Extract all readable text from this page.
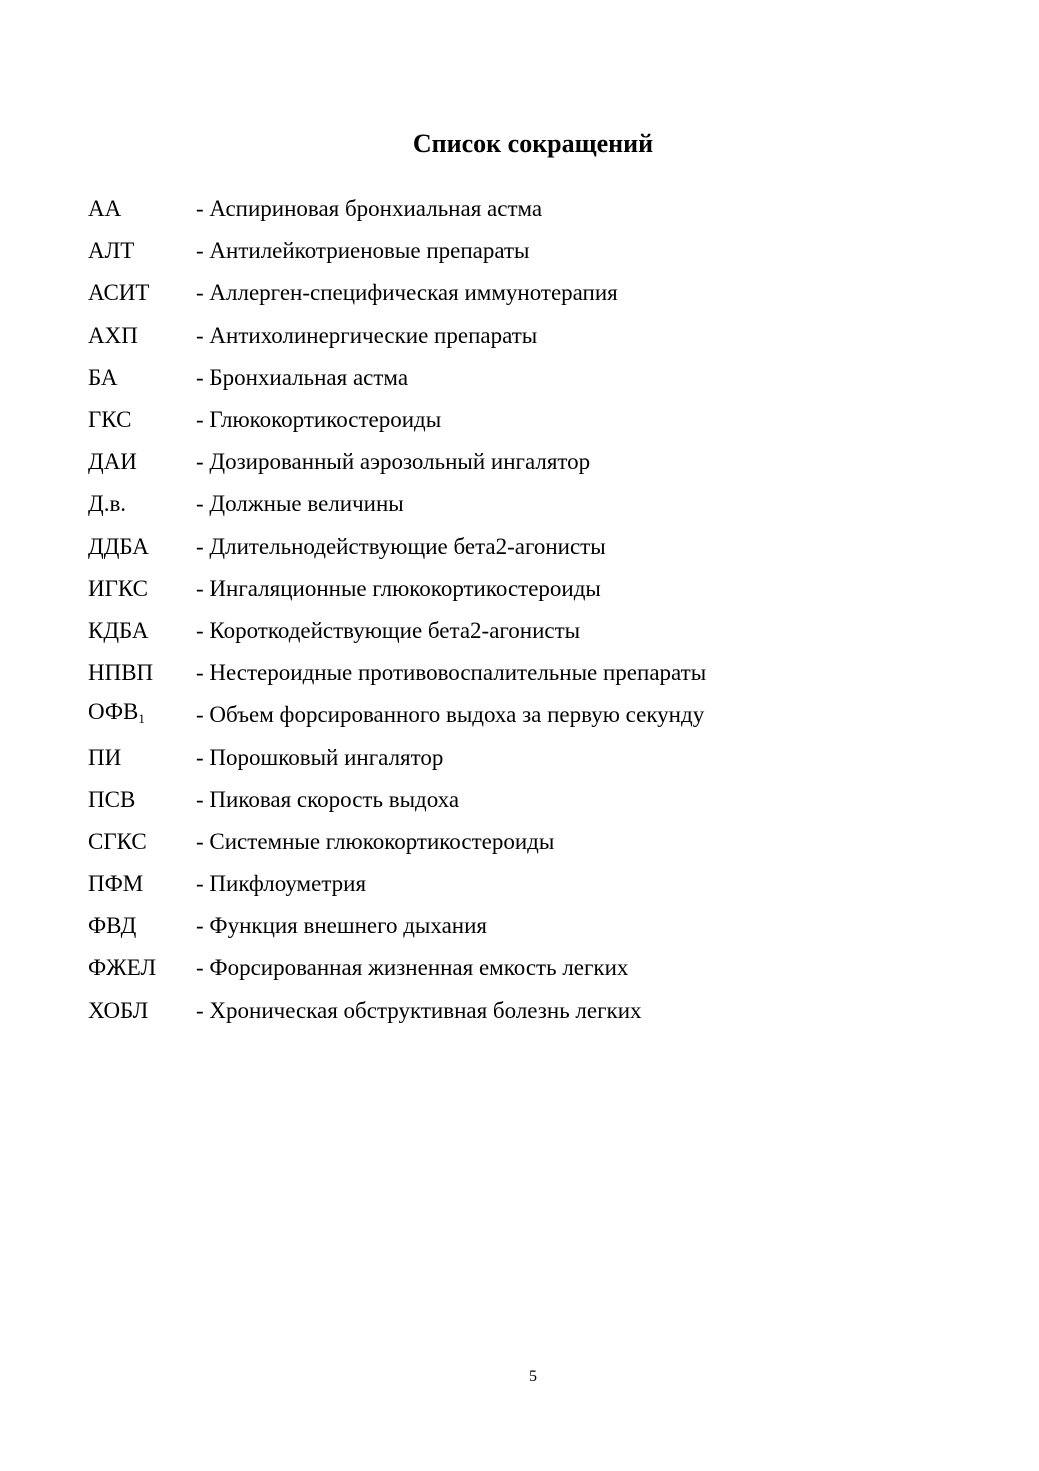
Список сокращений
АА	- Аспириновая бронхиальная астма
АЛТ	- Антилейкотриеновые препараты
АСИТ	- Аллерген-специфическая иммунотерапия
АХП	- Антихолинергические препараты
БА	- Бронхиальная астма
ГКС	- Глюкокортикостероиды
ДАИ	- Дозированный аэрозольный ингалятор
Д.в.	- Должные величины
ДДБА	- Длительнодействующие бета2-агонисты
ИГКС	- Ингаляционные глюкокортикостероиды
КДБА	- Короткодействующие бета2-агонисты
НПВП	- Нестероидные противовоспалительные препараты
$ОФВ_1$	- Объем форсированного выдоха за первую секунду
ПИ	- Порошковый ингалятор
ПСВ	- Пиковая скорость выдоха
СГКС	- Системные глюкокортикостероиды
ПФМ	- Пикфлоуметрия
ФВД	- Функция внешнего дыхания
ФЖЕЛ	- Форсированная жизненная емкость легких
ХОБЛ	- Хроническая обструктивная болезнь легких
5
